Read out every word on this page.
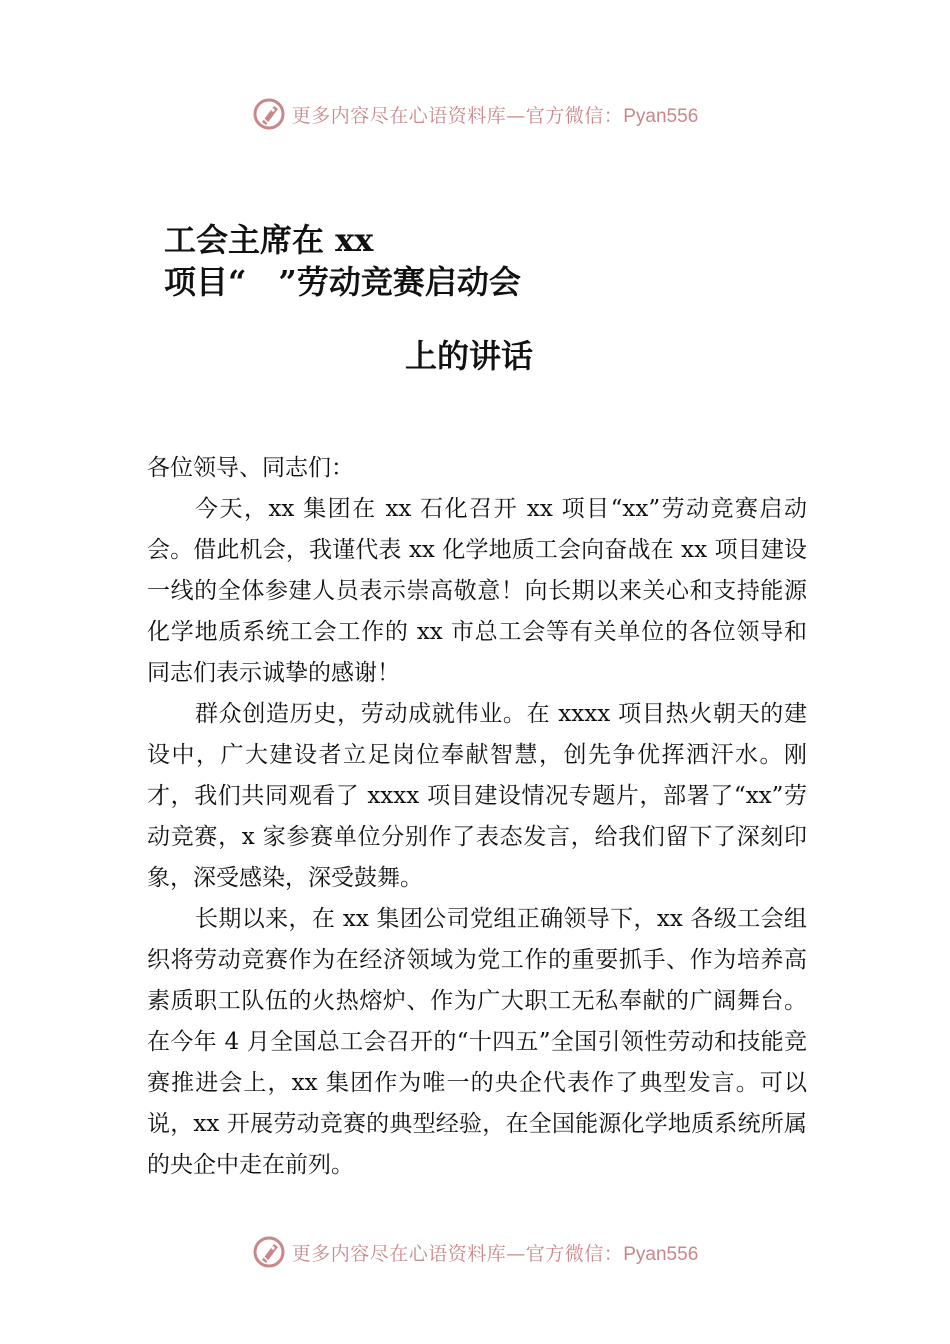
更多内容尽在心语资料库—官方微信：Pyan556
工会主席在 xx
项目“　”劳动竞赛启动会
上的讲话

各位领导、同志们：

今天，xx 集团在 xx 石化召开 xx 项目“xx”劳动竞赛启动会。借此机会，我谨代表 xx 化学地质工会向奋战在 xx 项目建设一线的全体参建人员表示崇高敬意！向长期以来关心和支持能源化学地质系统工会工作的 xx 市总工会等有关单位的各位领导和同志们表示诚挚的感谢！

群众创造历史，劳动成就伟业。在 xxxx 项目热火朝天的建设中，广大建设者立足岗位奉献智慧，创先争优挥洒汗水。刚才，我们共同观看了 xxxx 项目建设情况专题片，部署了“xx”劳动竞赛，x 家参赛单位分别作了表态发言，给我们留下了深刻印象，深受感染，深受鼓舞。

长期以来，在 xx 集团公司党组正确领导下，xx 各级工会组织将劳动竞赛作为在经济领域为党工作的重要抓手、作为培养高素质职工队伍的火热熔炉、作为广大职工无私奉献的广阔舞台。在今年 4 月全国总工会召开的“十四五”全国引领性劳动和技能竞赛推进会上，xx 集团作为唯一的央企代表作了典型发言。可以说，xx 开展劳动竞赛的典型经验，在全国能源化学地质系统所属的央企中走在前列。

更多内容尽在心语资料库—官方微信：Pyan556
